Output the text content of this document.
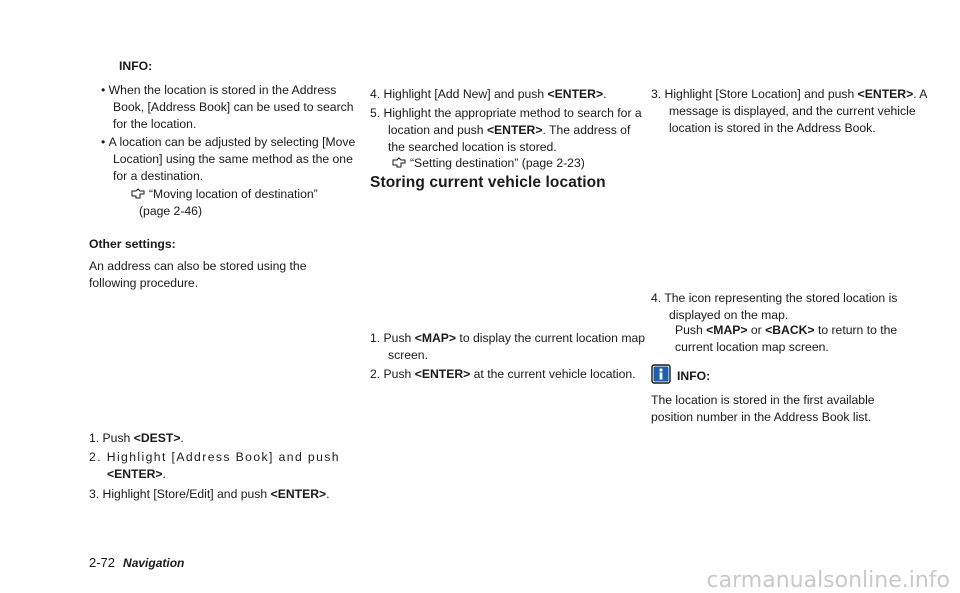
INFO:

• When the location is stored in the Address Book, [Address Book] can be used to search for the location.

• A location can be adjusted by selecting [Move Location] using the same method as the one for a destination.

“Moving location of destination”
(page 2-46)
Other settings:

An address can also be stored using the following procedure.

1. Push <DEST>.

2. Highlight [Address Book] and push <ENTER>.

3. Highlight [Store/Edit] and push <ENTER>.

4. Highlight [Add New] and push <ENTER>.

5. Highlight the appropriate method to search for a location and push <ENTER>. The address of the searched location is stored.

“Setting destination” (page 2-23)
Storing current vehicle location

1. Push <MAP> to display the current location map screen.

2. Push <ENTER> at the current vehicle location.

3. Highlight [Store Location] and push <ENTER>. A message is displayed, and the current vehicle location is stored in the Address Book.

4. The icon representing the stored location is displayed on the map.

Push <MAP> or <BACK> to return to the current location map screen.

INFO:

The location is stored in the first available position number in the Address Book list.

2-72 Navigation
carmanualsonline.info
